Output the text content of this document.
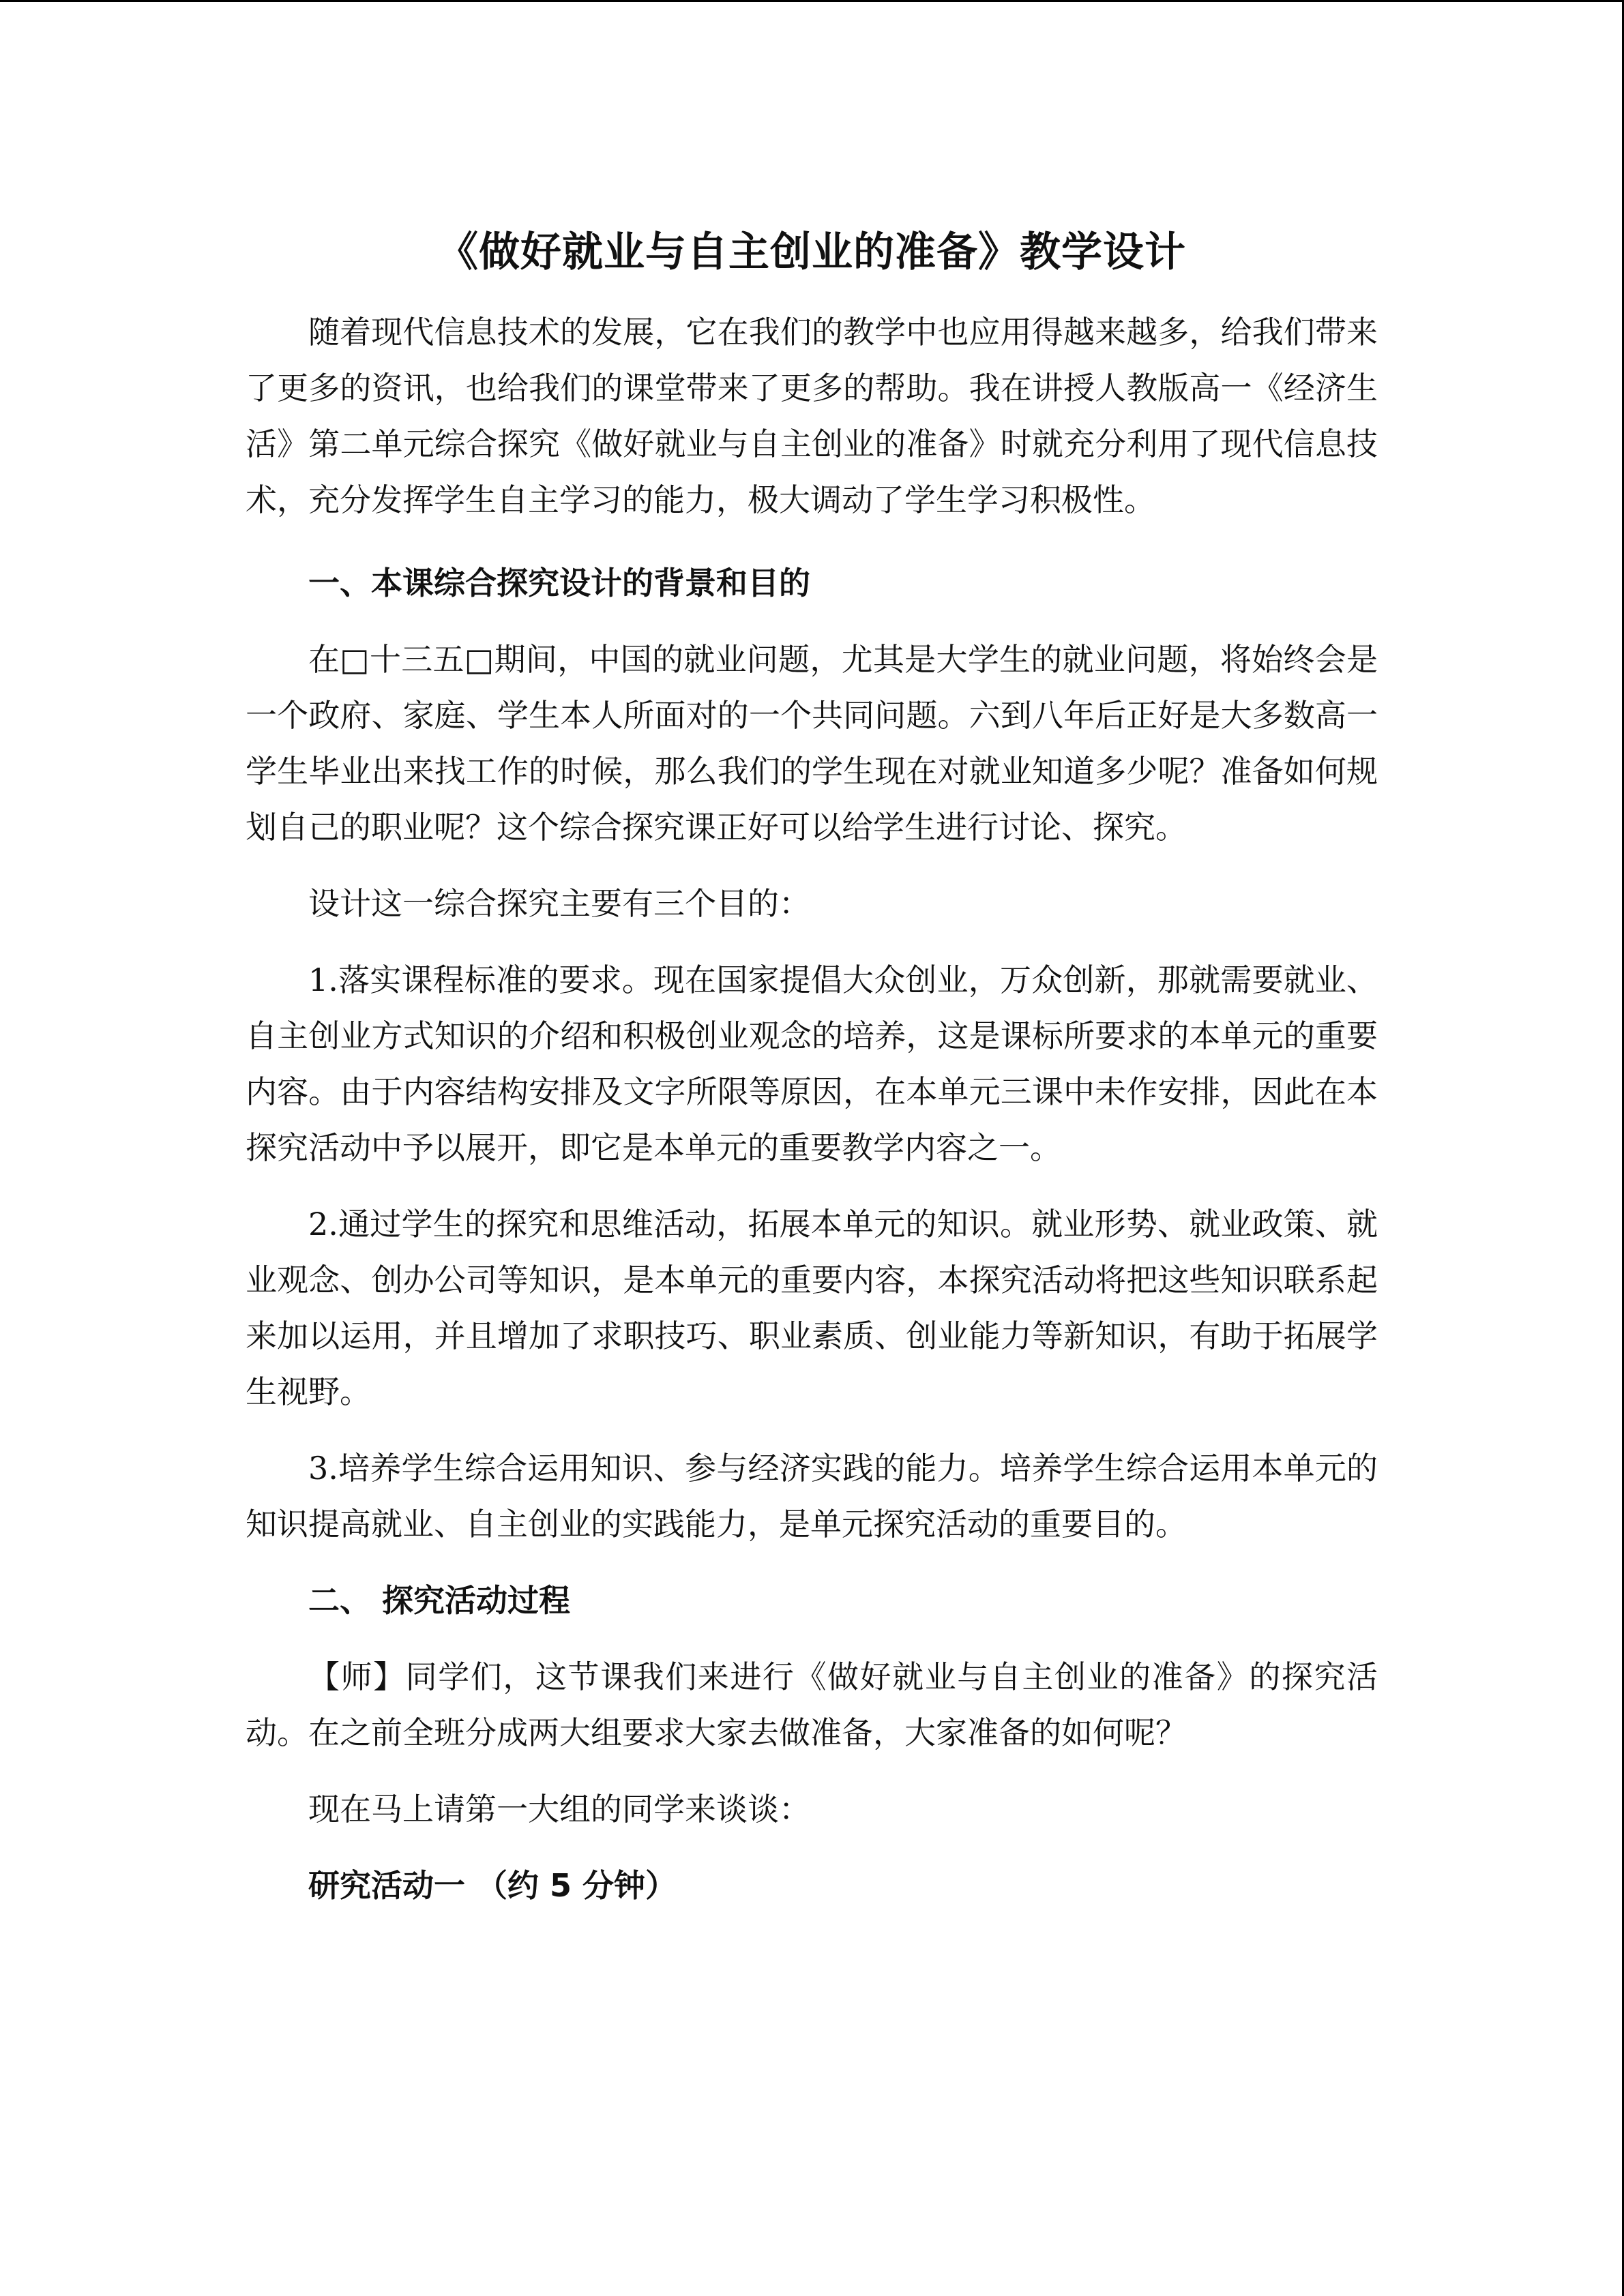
《做好就业与自主创业的准备》教学设计

随着现代信息技术的发展，它在我们的教学中也应用得越来越多，给我们带来了更多的资讯，也给我们的课堂带来了更多的帮助。我在讲授人教版高一《经济生活》第二单元综合探究《做好就业与自主创业的准备》时就充分利用了现代信息技术，充分发挥学生自主学习的能力，极大调动了学生学习积极性。

一、本课综合探究设计的背景和目的

在□十三五□期间，中国的就业问题，尤其是大学生的就业问题，将始终会是一个政府、家庭、学生本人所面对的一个共同问题。六到八年后正好是大多数高一学生毕业出来找工作的时候，那么我们的学生现在对就业知道多少呢？准备如何规划自己的职业呢？这个综合探究课正好可以给学生进行讨论、探究。

设计这一综合探究主要有三个目的：

1.落实课程标准的要求。现在国家提倡大众创业，万众创新，那就需要就业、自主创业方式知识的介绍和积极创业观念的培养，这是课标所要求的本单元的重要内容。由于内容结构安排及文字所限等原因，在本单元三课中未作安排，因此在本探究活动中予以展开，即它是本单元的重要教学内容之一。

2.通过学生的探究和思维活动，拓展本单元的知识。就业形势、就业政策、就业观念、创办公司等知识，是本单元的重要内容，本探究活动将把这些知识联系起来加以运用，并且增加了求职技巧、职业素质、创业能力等新知识，有助于拓展学生视野。

3.培养学生综合运用知识、参与经济实践的能力。培养学生综合运用本单元的知识提高就业、自主创业的实践能力，是单元探究活动的重要目的。

二、 探究活动过程

【师】同学们，这节课我们来进行《做好就业与自主创业的准备》的探究活动。在之前全班分成两大组要求大家去做准备，大家准备的如何呢？

现在马上请第一大组的同学来谈谈：

研究活动一 （约 5 分钟）
